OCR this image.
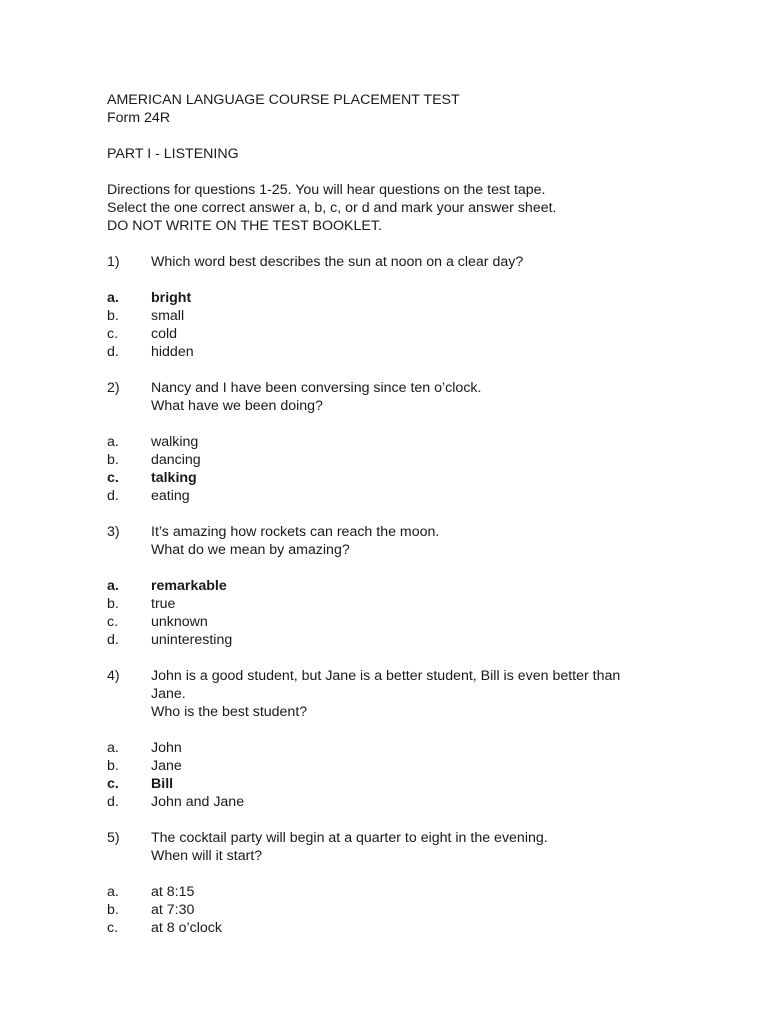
AMERICAN LANGUAGE COURSE PLACEMENT TEST
Form 24R
PART I - LISTENING
Directions for questions 1-25. You will hear questions on the test tape.
Select the one correct answer a, b, c, or d and mark your answer sheet.
DO NOT WRITE ON THE TEST BOOKLET.
1)	Which word best describes the sun at noon on a clear day?
a.	bright
b.	small
c.	cold
d.	hidden
2)	Nancy and I have been conversing since ten o’clock.
What have we been doing?
a.	walking
b.	dancing
c.	talking
d.	eating
3)	It’s amazing how rockets can reach the moon.
What do we mean by amazing?
a.	remarkable
b.	true
c.	unknown
d.	uninteresting
4)	John is a good student, but Jane is a better student, Bill is even better than
Jane.
Who is the best student?
a.	John
b.	Jane
c.	Bill
d.	John and Jane
5)	The cocktail party will begin at a quarter to eight in the evening.
When will it start?
a.	at 8:15
b.	at 7:30
c.	at 8 o’clock
